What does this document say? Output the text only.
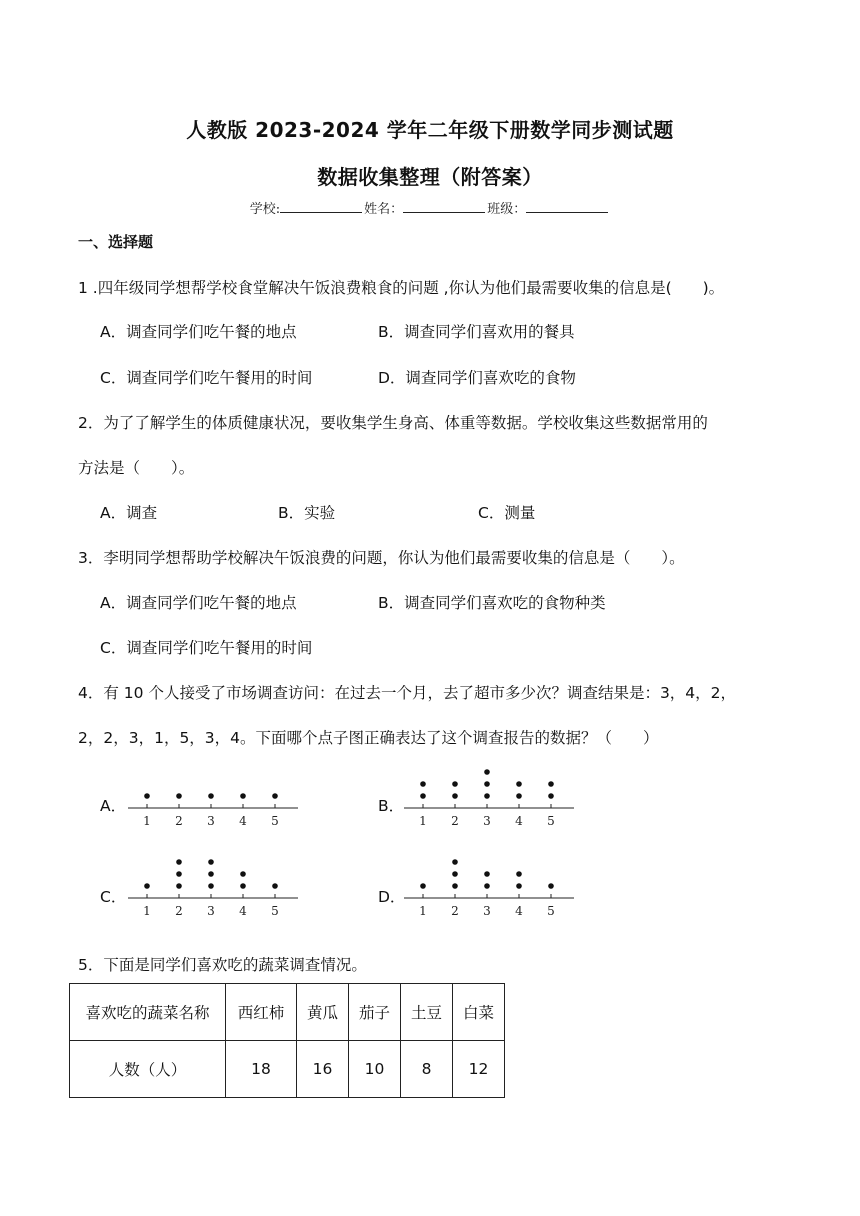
人教版 2023-2024 学年二年级下册数学同步测试题
数据收集整理（附答案）
学校:	姓名：	班级：
一、选择题
1 .四年级同学想帮学校食堂解决午饭浪费粮食的问题 ,你认为他们最需要收集的信息是(　　)。
A．调查同学们吃午餐的地点	B．调查同学们喜欢用的餐具
C．调查同学们吃午餐用的时间	D．调查同学们喜欢吃的食物
2．为了了解学生的体质健康状况，要收集学生身高、体重等数据。学校收集这些数据常用的
方法是（　　）。
A．调查	B．实验	C．测量
3．李明同学想帮助学校解决午饭浪费的问题，你认为他们最需要收集的信息是（　　）。
A．调查同学们吃午餐的地点	B．调查同学们喜欢吃的食物种类
C．调查同学们吃午餐用的时间
4．有 10 个人接受了市场调查访问：在过去一个月，去了超市多少次？调查结果是：3，4，2，
2，2，3，1，5，3，4。下面哪个点子图正确表达了这个调查报告的数据？（　　）
A．
1 2 3 4 5
B．
1 2 3 4 5
C．
1 2 3 4 5
D．
1 2 3 4 5
5．下面是同学们喜欢吃的蔬菜调查情况。
喜欢吃的蔬菜名称	西红柿	黄瓜	茄子	土豆	白菜
人数（人）	18	16	10	8	12
